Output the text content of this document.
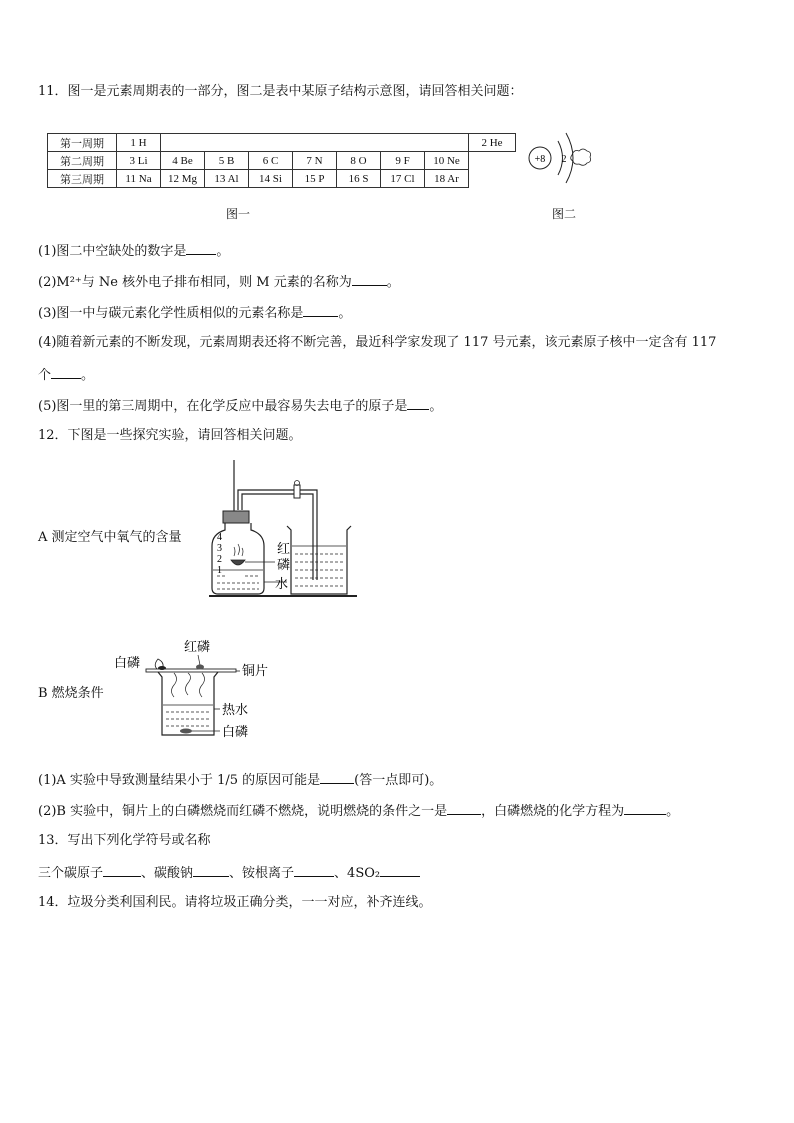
11．图一是元素周期表的一部分，图二是表中某原子结构示意图，请回答相关问题：
第一周期	1 H								2 He
第二周期	3 Li	4 Be	5 B	6 C	7 N	8 O	9 F	10 Ne	
第三周期	11 Na	12 Mg	13 Al	14 Si	15 P	16 S	17 Cl	18 Ar	
+8 2
图一	图二
(1)图二中空缺处的数字是 。
(2)M²⁺与 Ne 核外电子排布相同，则 M 元素的名称为	。
(3)图一中与碳元素化学性质相似的元素名称是	。
(4)随着新元素的不断发现，元素周期表还将不断完善，最近科学家发现了 117 号元素，该元素原子核中一定含有 117
个 。
(5)图一里的第三周期中，在化学反应中最容易失去电子的原子是 。
12．下图是一些探究实验，请回答相关问题。
A 测定空气中氧气的含量	4
3
2
1
红
磷
水
B 燃烧条件
白磷
红磷
铜片
热水
白磷
(1)A 实验中导致测量结果小于 1/5 的原因可能是	(答一点即可)。
(2)B 实验中，铜片上的白磷燃烧而红磷不燃烧，说明燃烧的条件之一是	，白磷燃烧的化学方程为	。
13．写出下列化学符号或名称
三个碳原子	、碳酸钠	、铵根离子	、4SO₂
14．垃圾分类利国利民。请将垃圾正确分类，一一对应，补齐连线。
